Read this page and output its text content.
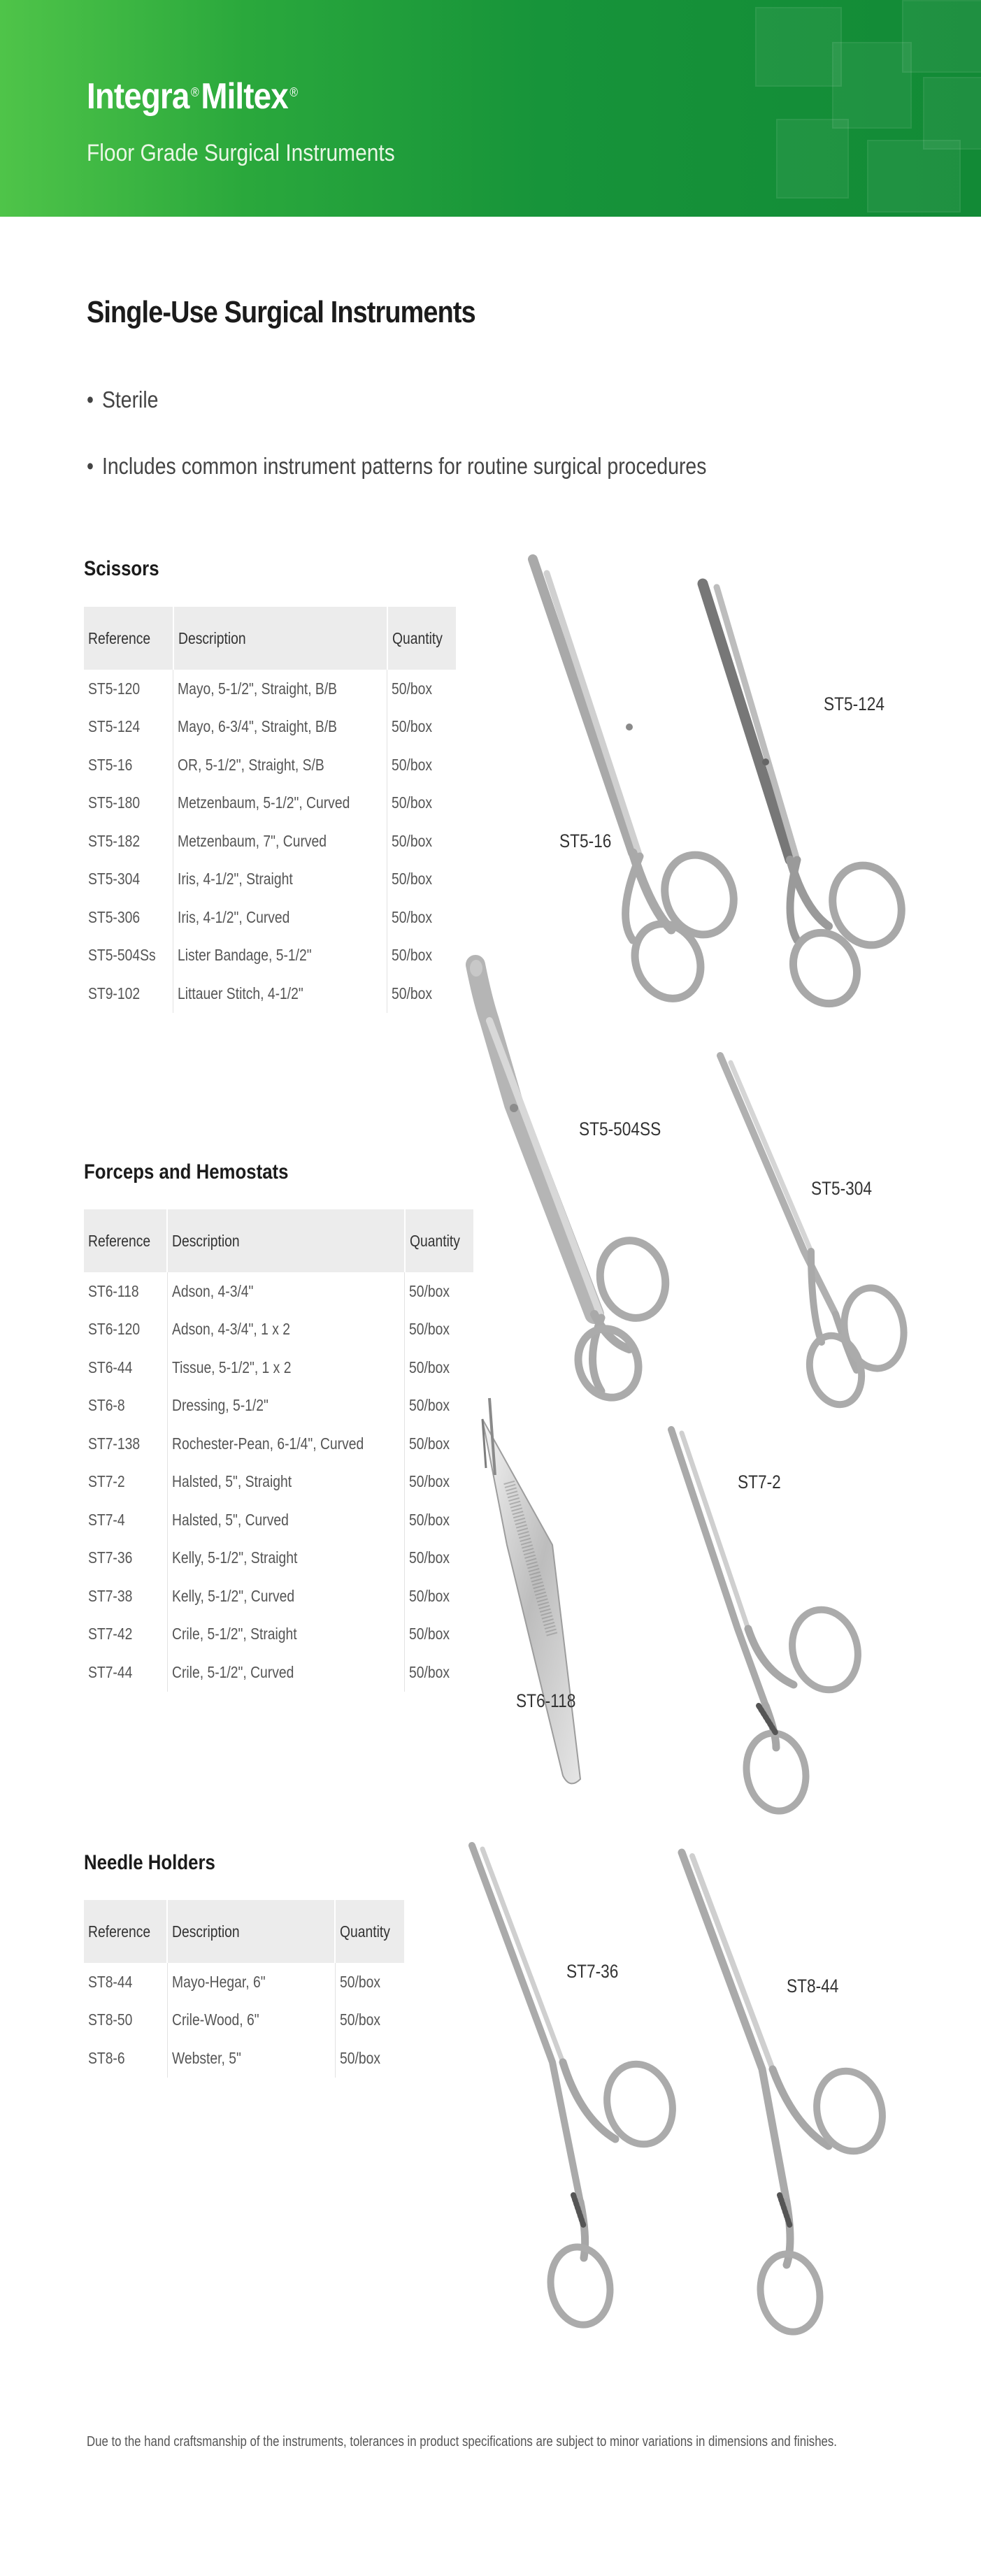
Integra ®Miltex ®
Floor Grade Surgical Instruments
Single-Use Surgical Instruments
• Sterile
• Includes common instrument patterns for routine surgical procedures
Scissors
Reference	Description	Quantity
ST5-120	Mayo, 5-1/2", Straight, B/B	50/box
ST5-124	Mayo, 6-3/4", Straight, B/B	50/box
ST5-16	OR, 5-1/2", Straight, S/B	50/box
ST5-180	Metzenbaum, 5-1/2", Curved	50/box
ST5-182	Metzenbaum, 7", Curved	50/box
ST5-304	Iris, 4-1/2", Straight	50/box
ST5-306	Iris, 4-1/2", Curved	50/box
ST5-504Ss	Lister Bandage, 5-1/2"	50/box
ST9-102	Littauer Stitch, 4-1/2"	50/box
Forceps and Hemostats
Reference	Description	Quantity
ST6-118	Adson, 4-3/4"	50/box
ST6-120	Adson, 4-3/4", 1 x 2	50/box
ST6-44	Tissue, 5-1/2", 1 x 2	50/box
ST6-8	Dressing, 5-1/2"	50/box
ST7-138	Rochester-Pean, 6-1/4", Curved	50/box
ST7-2	Halsted, 5", Straight	50/box
ST7-4	Halsted, 5", Curved	50/box
ST7-36	Kelly, 5-1/2", Straight	50/box
ST7-38	Kelly, 5-1/2", Curved	50/box
ST7-42	Crile, 5-1/2", Straight	50/box
ST7-44	Crile, 5-1/2", Curved	50/box
Needle Holders
Reference	Description	Quantity
ST8-44	Mayo-Hegar, 6"	50/box
ST8-50	Crile-Wood, 6"	50/box
ST8-6	Webster, 5"	50/box
ST5-16
ST5-124
ST5-504SS
ST5-304
ST7-2
ST6-118
ST7-36
ST8-44
Due to the hand craftsmanship of the instruments, tolerances in product specifications are subject to minor variations in dimensions and finishes.
